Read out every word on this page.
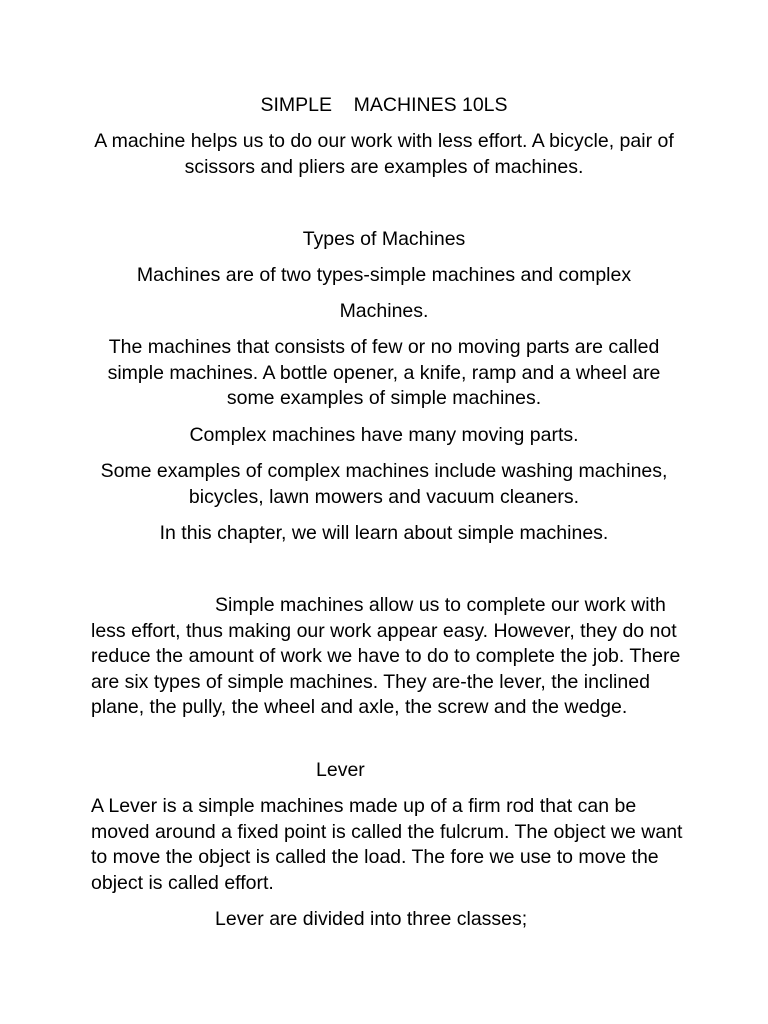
SIMPLE    MACHINES 10LS

A machine helps us to do our work with less effort. A bicycle, pair of scissors and pliers are examples of machines.

Types of Machines

Machines are of two types-simple machines and complex

Machines.

The machines that consists of few or no moving parts are called simple machines. A bottle opener, a knife, ramp and a wheel are some examples of simple machines.

Complex machines have many moving parts.

Some examples of complex machines include washing machines, bicycles, lawn mowers and vacuum cleaners.

In this chapter, we will learn about simple machines.

Simple machines allow us to complete our work with less effort, thus making our work appear easy. However, they do not reduce the amount of work we have to do to complete the job. There are six types of simple machines. They are-the lever, the inclined plane, the pully, the wheel and axle, the screw and the wedge.

Lever

A Lever is a simple machines made up of a firm rod that can be moved around a fixed point is called the fulcrum. The object we want to move the object is called the load. The fore we use to move the object is called effort.

Lever are divided into three classes;
